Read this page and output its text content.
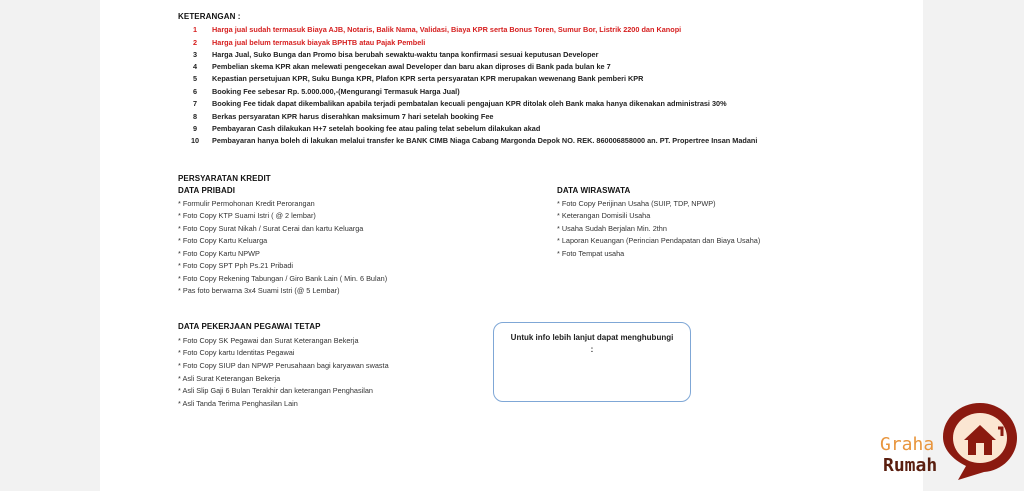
KETERANGAN :
1 Harga jual sudah termasuk Biaya AJB, Notaris, Balik Nama, Validasi, Biaya KPR serta Bonus Toren, Sumur Bor, Listrik 2200 dan Kanopi
2 Harga jual belum termasuk biayak BPHTB atau Pajak Pembeli
3 Harga Jual, Suko Bunga dan Promo bisa berubah sewaktu-waktu tanpa konfirmasi sesuai keputusan Developer
4 Pembelian skema KPR akan melewati pengecekan awal Developer dan baru akan diproses di Bank pada bulan ke 7
5 Kepastian persetujuan KPR, Suku Bunga KPR, Plafon KPR serta persyaratan KPR merupakan wewenang Bank pemberi KPR
6 Booking Fee sebesar Rp. 5.000.000,-(Mengurangi Termasuk Harga Jual)
7 Booking Fee tidak dapat dikembalikan apabila terjadi pembatalan kecuali pengajuan KPR ditolak oleh Bank maka hanya dikenakan administrasi 30%
8 Berkas persyaratan KPR harus diserahkan maksimum 7 hari setelah booking Fee
9 Pembayaran Cash dilakukan H+7 setelah booking fee atau paling telat sebelum dilakukan akad
10 Pembayaran hanya boleh di lakukan melalui transfer ke BANK CIMB Niaga Cabang Margonda Depok NO. REK. 860006858000 an. PT. Propertree Insan Madani
PERSYARATAN KREDIT
DATA PRIBADI	DATA WIRASWATA
* Formulir Permohonan Kredit Perorangan
* Foto Copy KTP Suami Istri ( @ 2 lembar)
* Foto Copy Surat Nikah / Surat Cerai dan kartu Keluarga
* Foto Copy Kartu Keluarga
* Foto Copy Kartu NPWP
* Foto Copy SPT Pph Ps.21 Pribadi
* Foto Copy Rekening Tabungan / Giro Bank Lain ( Min. 6 Bulan)
* Pas foto berwarna 3x4 Suami Istri (@ 5 Lembar)
* Foto Copy Perijinan Usaha (SUIP, TDP, NPWP)
* Keterangan Domisili Usaha
* Usaha Sudah Berjalan Min. 2thn
* Laporan Keuangan (Perincian Pendapatan dan Biaya Usaha)
* Foto Tempat usaha
DATA PEKERJAAN PEGAWAI TETAP
* Foto Copy SK Pegawai dan Surat Keterangan Bekerja
* Foto Copy kartu Identitas Pegawai
* Foto Copy SIUP dan NPWP Perusahaan bagi karyawan swasta
* Asli Surat Keterangan Bekerja
* Asli Slip Gaji 6 Bulan Terakhir dan keterangan Penghasilan
* Asli Tanda Terima Penghasilan Lain
Untuk info lebih lanjut dapat menghubungi
:
Graha
Rumah
